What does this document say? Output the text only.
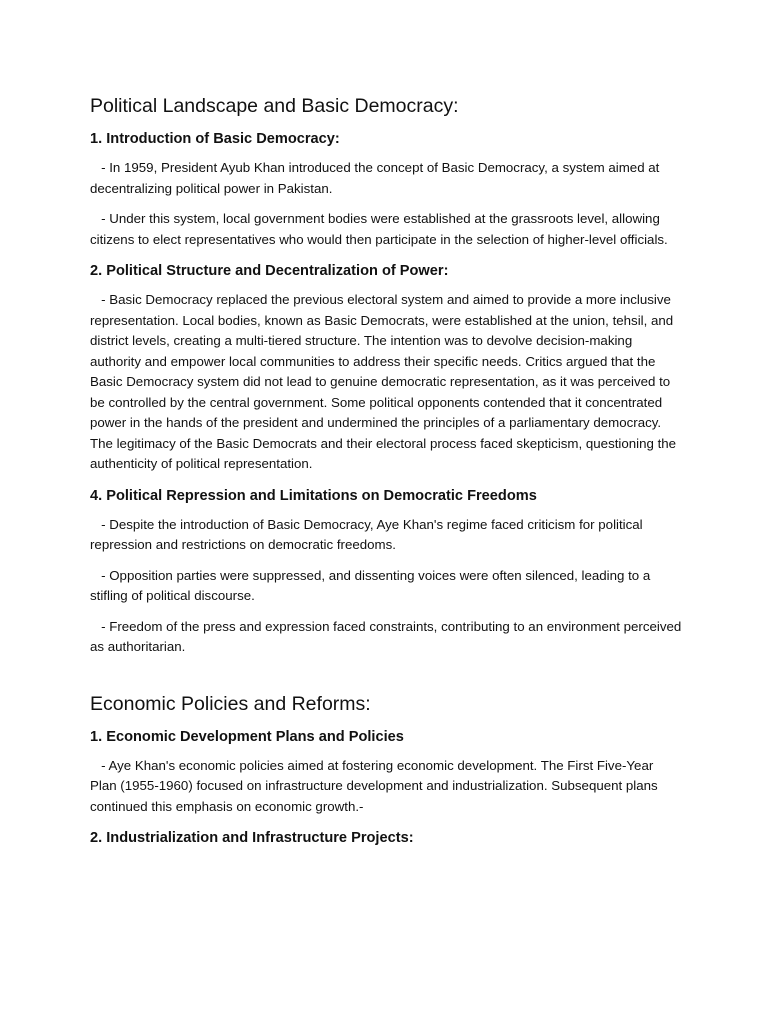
Political Landscape and Basic Democracy:
1. Introduction of Basic Democracy:

- In 1959, President Ayub Khan introduced the concept of Basic Democracy, a system aimed at decentralizing political power in Pakistan.

- Under this system, local government bodies were established at the grassroots level, allowing citizens to elect representatives who would then participate in the selection of higher-level officials.

2. Political Structure and Decentralization of Power:

- Basic Democracy replaced the previous electoral system and aimed to provide a more inclusive representation. Local bodies, known as Basic Democrats, were established at the union, tehsil, and district levels, creating a multi-tiered structure. The intention was to devolve decision-making authority and empower local communities to address their specific needs. Critics argued that the Basic Democracy system did not lead to genuine democratic representation, as it was perceived to be controlled by the central government. Some political opponents contended that it concentrated power in the hands of the president and undermined the principles of a parliamentary democracy. The legitimacy of the Basic Democrats and their electoral process faced skepticism, questioning the authenticity of political representation.

4. Political Repression and Limitations on Democratic Freedoms

- Despite the introduction of Basic Democracy, Aye Khan's regime faced criticism for political repression and restrictions on democratic freedoms.

- Opposition parties were suppressed, and dissenting voices were often silenced, leading to a stifling of political discourse.

- Freedom of the press and expression faced constraints, contributing to an environment perceived as authoritarian.

Economic Policies and Reforms:
1. Economic Development Plans and Policies

- Aye Khan's economic policies aimed at fostering economic development. The First Five-Year Plan (1955-1960) focused on infrastructure development and industrialization. Subsequent plans continued this emphasis on economic growth.-

2. Industrialization and Infrastructure Projects:
